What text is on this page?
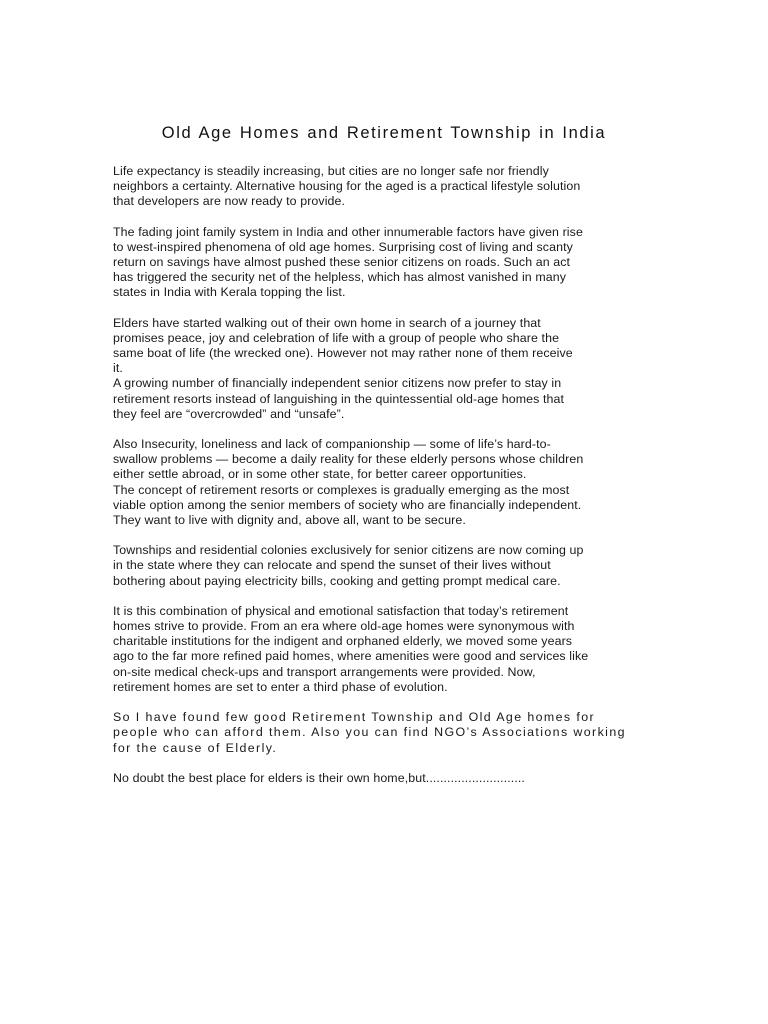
Old Age Homes and Retirement Township in India

Life expectancy is steadily increasing, but cities are no longer safe nor friendly
neighbors a certainty. Alternative housing for the aged is a practical lifestyle solution
that developers are now ready to provide.

The fading joint family system in India and other innumerable factors have given rise
to west-inspired phenomena of old age homes. Surprising cost of living and scanty
return on savings have almost pushed these senior citizens on roads. Such an act
has triggered the security net of the helpless, which has almost vanished in many
states in India with Kerala topping the list.

Elders have started walking out of their own home in search of a journey that
promises peace, joy and celebration of life with a group of people who share the
same boat of life (the wrecked one). However not may rather none of them receive
it.

A growing number of financially independent senior citizens now prefer to stay in
retirement resorts instead of languishing in the quintessential old-age homes that
they feel are “overcrowded” and “unsafe”.

Also Insecurity, loneliness and lack of companionship — some of life’s hard-to-
swallow problems — become a daily reality for these elderly persons whose children
either settle abroad, or in some other state, for better career opportunities.

The concept of retirement resorts or complexes is gradually emerging as the most
viable option among the senior members of society who are financially independent.
They want to live with dignity and, above all, want to be secure.

Townships and residential colonies exclusively for senior citizens are now coming up
in the state where they can relocate and spend the sunset of their lives without
bothering about paying electricity bills, cooking and getting prompt medical care.

It is this combination of physical and emotional satisfaction that today’s retirement
homes strive to provide. From an era where old-age homes were synonymous with
charitable institutions for the indigent and orphaned elderly, we moved some years
ago to the far more refined paid homes, where amenities were good and services like
on-site medical check-ups and transport arrangements were provided. Now,
retirement homes are set to enter a third phase of evolution.

So I have found few good Retirement Township and Old Age homes for
people who can afford them. Also you can find NGO’s Associations working
for the cause of Elderly.

No doubt the best place for elders is their own home,but............................
